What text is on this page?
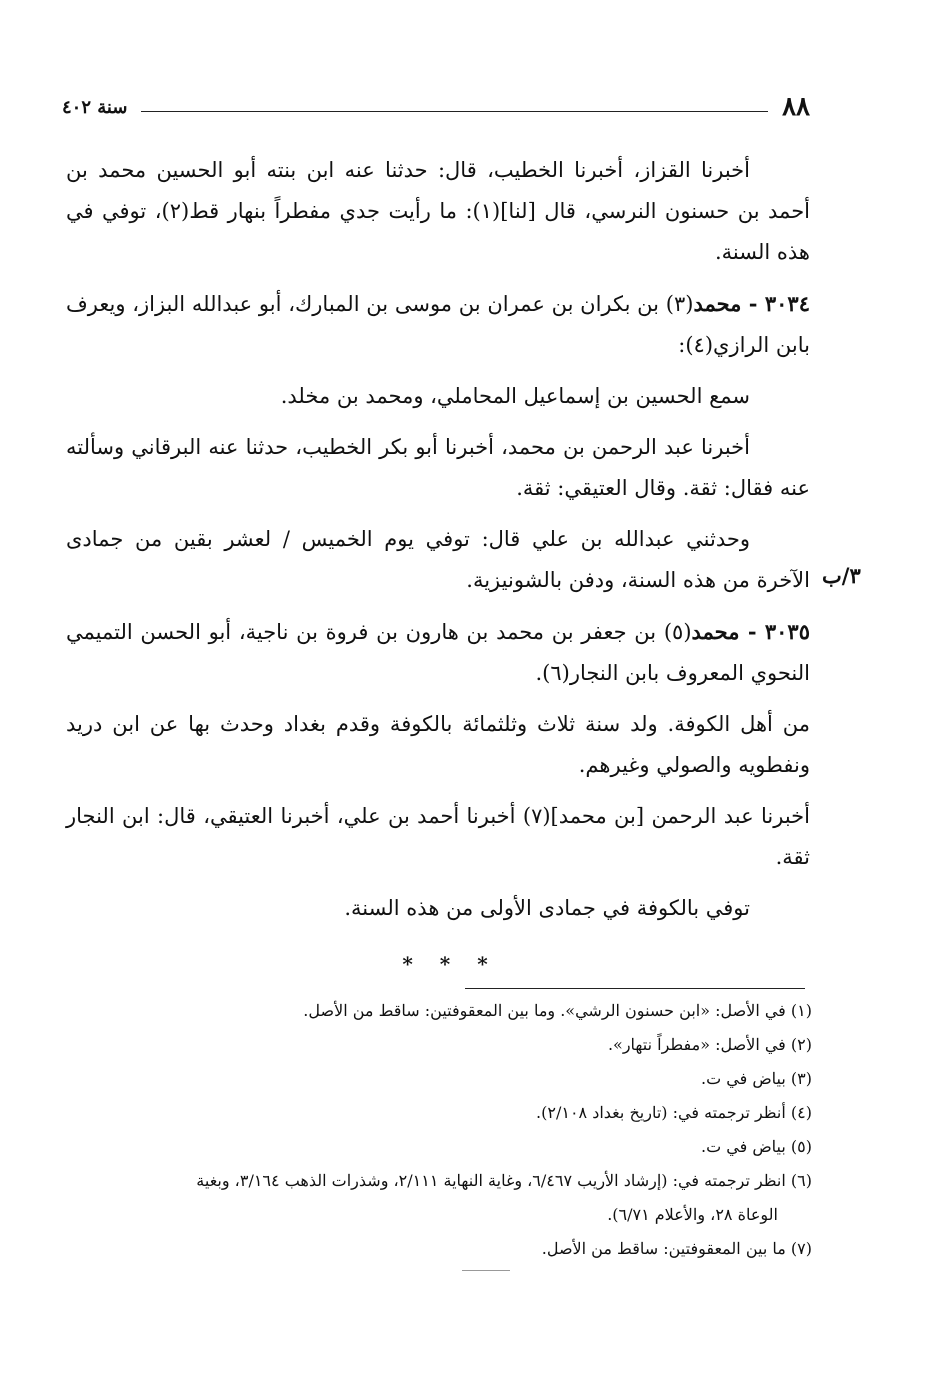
٨٨
سنة ٤٠٢
٣/ب

أخبرنا القزاز، أخبرنا الخطيب، قال: حدثنا عنه ابن بنته أبو الحسين محمد بن أحمد بن حسنون النرسي، قال [لنا](١): ما رأيت جدي مفطراً بنهار قط(٢)، توفي في هذه السنة.

٣٠٣٤ - محمد(٣) بن بكران بن عمران بن موسى بن المبارك، أبو عبدالله البزاز، ويعرف بابن الرازي(٤):

سمع الحسين بن إسماعيل المحاملي، ومحمد بن مخلد.

أخبرنا عبد الرحمن بن محمد، أخبرنا أبو بكر الخطيب، حدثنا عنه البرقاني وسألته عنه فقال: ثقة. وقال العتيقي: ثقة.

وحدثني عبدالله بن علي قال: توفي يوم الخميس / لعشر بقين من جمادى الآخرة من هذه السنة، ودفن بالشونيزية.

٣٠٣٥ - محمد(٥) بن جعفر بن محمد بن هارون بن فروة بن ناجية، أبو الحسن التميمي النحوي المعروف بابن النجار(٦).

من أهل الكوفة. ولد سنة ثلاث وثلثمائة بالكوفة وقدم بغداد وحدث بها عن ابن دريد ونفطويه والصولي وغيرهم.

أخبرنا عبد الرحمن [بن محمد](٧) أخبرنا أحمد بن علي، أخبرنا العتيقي، قال: ابن النجار ثقة.

توفي بالكوفة في جمادى الأولى من هذه السنة.

* * *

(١) في الأصل: «ابن حسنون الرشي». وما بين المعقوفتين: ساقط من الأصل.

(٢) في الأصل: «مفطراً نتهار».

(٣) بياض في ت.

(٤) أنظر ترجمته في: (تاريخ بغداد ٢/١٠٨).

(٥) بياض في ت.

(٦) انظر ترجمته في: (إرشاد الأريب ٦/٤٦٧، وغاية النهاية ٢/١١١، وشذرات الذهب ٣/١٦٤، وبغية

الوعاة ٢٨، والأعلام ٦/٧١).

(٧) ما بين المعقوفتين: ساقط من الأصل.
